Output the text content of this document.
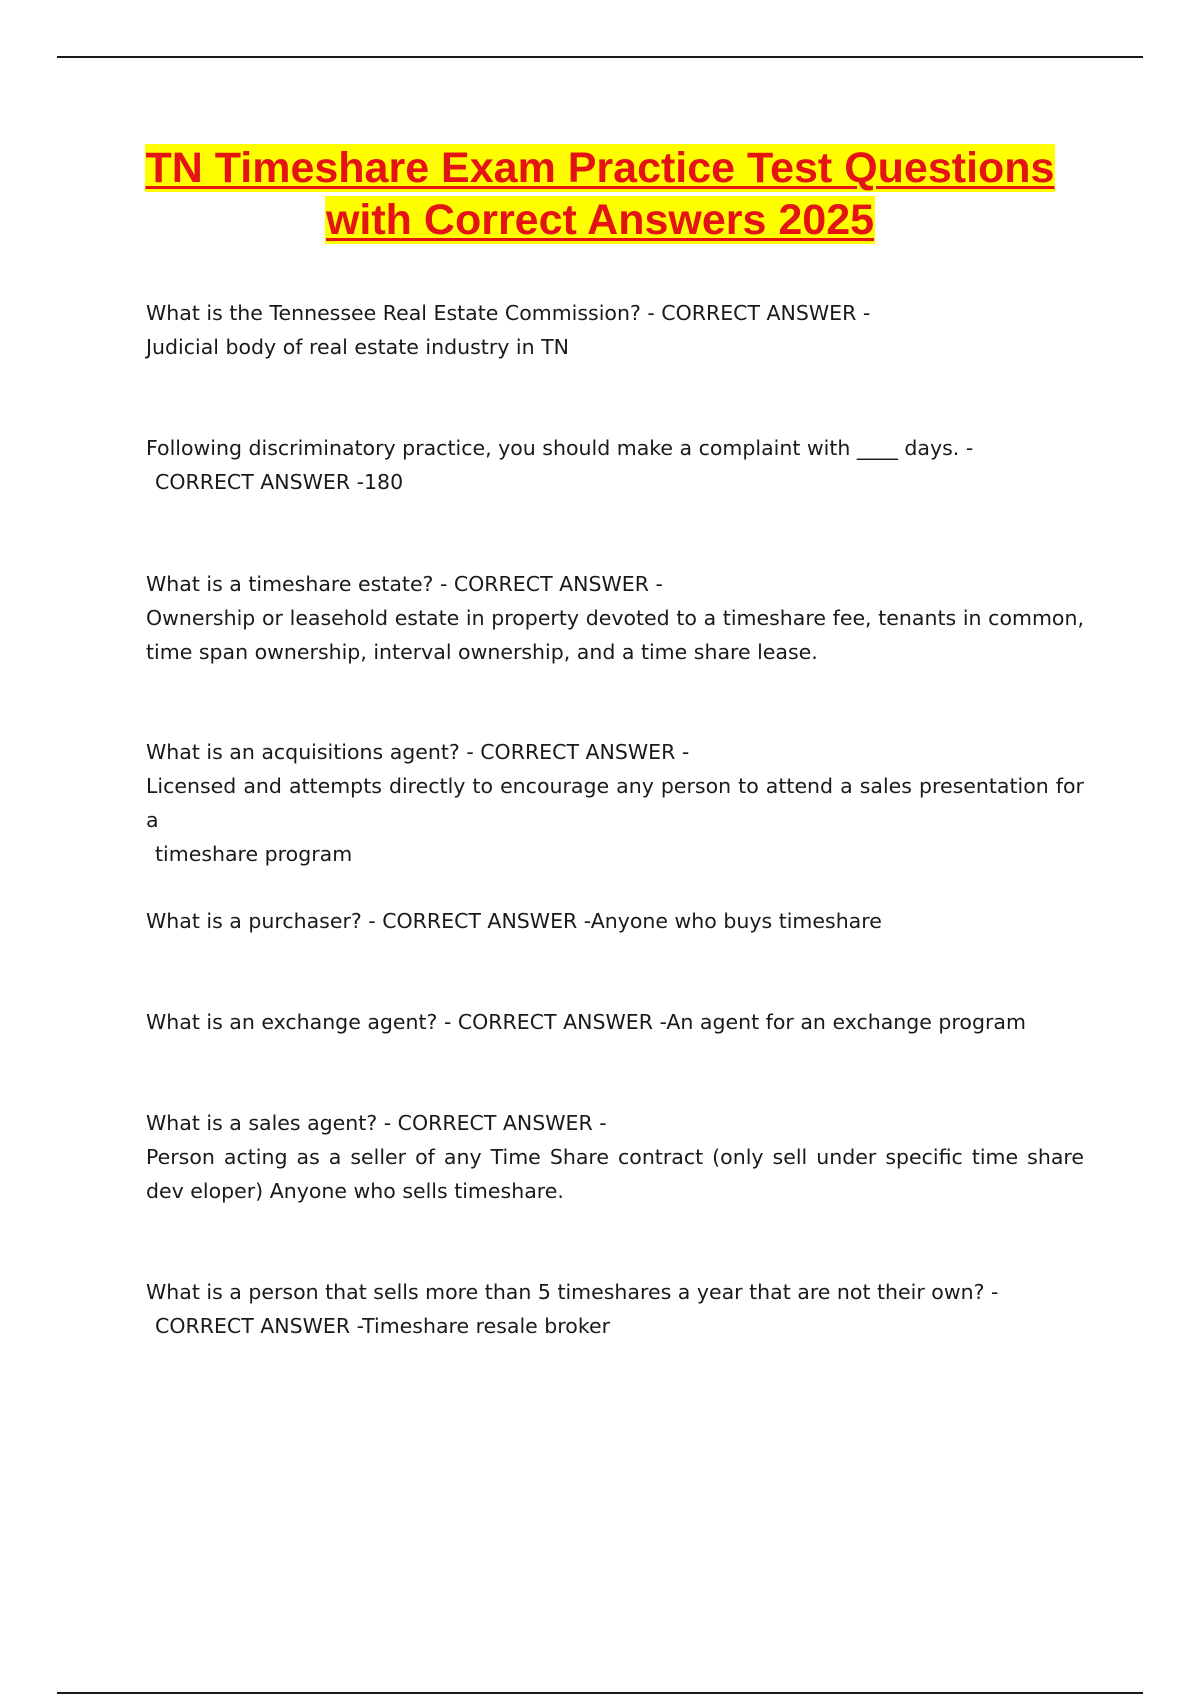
TN Timeshare Exam Practice Test Questions
with Correct Answers 2025

What is the Tennessee Real Estate Commission? - CORRECT ANSWER -

Judicial body of real estate industry in TN

Following discriminatory practice, you should make a complaint with ____ days. -

CORRECT ANSWER -180

What is a timeshare estate? - CORRECT ANSWER -

Ownership or leasehold estate in property devoted to a timeshare fee, tenants in common, time span ownership, interval ownership, and a time share lease.

What is an acquisitions agent? - CORRECT ANSWER -

Licensed and attempts directly to encourage any person to attend a sales presentation for a

timeshare program

What is a purchaser? - CORRECT ANSWER -Anyone who buys timeshare

What is an exchange agent? - CORRECT ANSWER -An agent for an exchange program

What is a sales agent? - CORRECT ANSWER -

Person acting as a seller of any Time Share contract (only sell under specific time share dev eloper) Anyone who sells timeshare.

What is a person that sells more than 5 timeshares a year that are not their own? -

CORRECT ANSWER -Timeshare resale broker
